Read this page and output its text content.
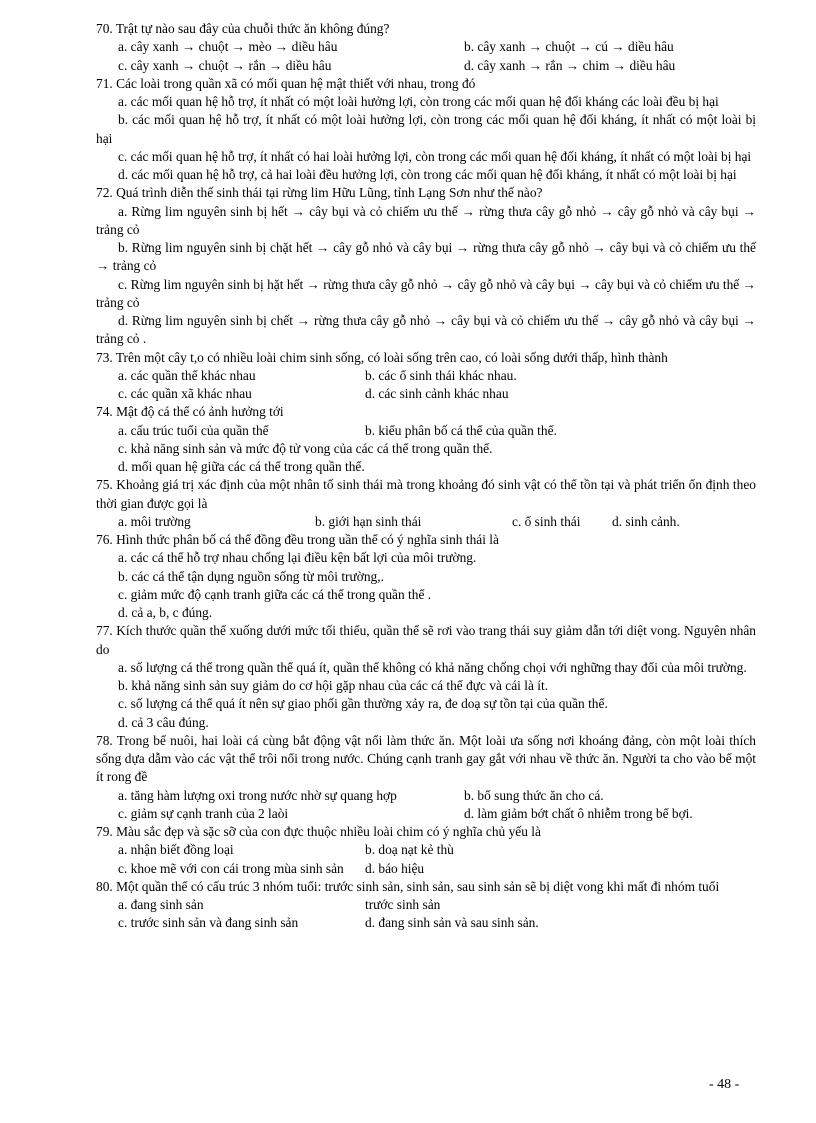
70. Trật tự nào sau đây của chuỗi thức ăn không đúng?

a. cây xanh → chuột → mèo → diều hâu	b. cây xanh → chuột → cú → diều hâu
c. cây xanh → chuột → rắn → diều hâu	d. cây xanh → rắn → chim → diều hâu

71. Các loài trong quần xã có mối quan hệ mật thiết với nhau, trong đó

a. các mối quan hệ hỗ trợ, ít nhất có một loài hưởng lợi, còn trong các mối quan hệ đối kháng các loài đều bị hại

b. các mối quan hệ hỗ trợ, ít nhất có một loài hưởng lợi, còn trong các mối quan hệ đối kháng, ít nhất có một loài bị hại

c. các mối quan hệ hỗ trợ, ít nhất có hai loài hưởng lợi, còn trong các mối quan hệ đối kháng, ít nhất có một loài bị hại

d. các mối quan hệ hỗ trợ, cả hai loài đều hưởng lợi, còn trong các mối quan hệ đối kháng, ít nhất có một loài bị hại

72. Quá trình diễn thế sinh thái tại rừng lim Hữu Lũng, tỉnh Lạng Sơn như thế nào?

a. Rừng lim nguyên sinh bị hết → cây bụi và cỏ chiếm ưu thế → rừng thưa cây gỗ nhỏ → cây gỗ nhỏ và cây bụi → trảng cỏ

b. Rừng lim nguyên sinh bị chặt hết → cây gỗ nhỏ và cây bụi → rừng thưa cây gỗ nhỏ → cây bụi và cỏ chiếm ưu thế → trảng cỏ

c. Rừng lim nguyên sinh bị hặt hết → rừng thưa cây gỗ nhỏ → cây gỗ nhỏ và cây bụi → cây bụi và cỏ chiếm ưu thế → trảng cỏ

d. Rừng lim nguyên sinh bị chết → rừng thưa cây gỗ nhỏ → cây bụi và cỏ chiếm ưu thế → cây gỗ nhỏ và cây bụi → trảng cỏ .

73. Trên một cây t,o có nhiều loài chim sinh sống, có loài sống trên cao, có loài sống dưới thấp, hình thành

a. các quần thể khác nhau	b. các ổ sinh thái khác nhau.
c. các quần xã khác nhau	d. các sinh cảnh khác nhau

74. Mật độ cá thể có ảnh hưởng tới

a. cấu trúc tuổi của quần thể	b. kiểu phân bố cá thể của quần thể.
c. khả năng sinh sản và mức độ tử vong của các cá thể trong quần thể.
d. mối quan hệ giữa các cá thể trong quần thể.

75. Khoảng giá trị xác định của một nhân tố sinh thái mà trong khoảng đó sinh vật có thể tồn tại và phát triển ổn định theo thời gian được gọi là

a. môi trường	b. giới hạn sinh thái	c. ổ sinh thái d. sinh cảnh.

76. Hình thức phân bố cá thể đồng đều trong uần thể có ý nghĩa sinh thái là

a. các cá thể hỗ trợ nhau chống lại điều kện bất lợi của môi trường.
b. các cá thể tận dụng nguồn sống từ môi trường,.
c. giảm mức độ cạnh tranh giữa các cá thể trong quần thể .
d. cả a, b, c đúng.

77. Kích thước quần thể xuống dưới mức tối thiểu, quần thể sẽ rơi vào trang thái suy giảm dẫn tới diệt vong. Nguyên nhân do

a. số lượng cá thể trong quần thể quá ít, quần thể không có khả năng chống chọi với nghững thay đổi của môi trường.

b. khả năng sinh sản suy giảm do cơ hội gặp nhau của các cá thể đực và cái là ít.
c. số lượng cá thể quá ít nên sự giao phối gần thường xảy ra, đe doạ sự tồn tại của quần thể.
d. cả 3 câu đúng.

78. Trong bể nuôi, hai loài cá cùng bắt động vật nổi làm thức ăn. Một loài ưa sống nơi khoáng đảng, còn một loài thích sống dựa dẫm vào các vật thể trôi nổi trong nước. Chúng cạnh tranh gay gắt với nhau về thức ăn. Người ta cho vào bể một ít rong đề

a. tăng hàm lượng oxi trong nước nhờ sự quang hợp	b. bổ sung thức ăn cho cá.
c. giảm sự cạnh tranh của 2 laòi	d. làm giảm bớt chất ô nhiễm trong bể bợi.

79. Màu sắc đẹp và sặc sỡ của con đực thuộc nhiều loài chim có ý nghĩa chủ yếu là

a. nhận biết đồng loại	b. doạ nạt kẻ thù
c. khoe mẽ với con cái trong mùa sinh sản d. báo hiệu

80. Một quần thể có cấu trúc 3 nhóm tuổi: trước sinh sản, sinh sản, sau sinh sản sẽ bị diệt vong khi mất đi nhóm tuổi

a. đang sinh sản	trước sinh sản
c. trước sinh sản và đang sinh sản	d. đang sinh sản và sau sinh sản.
- 48 -
